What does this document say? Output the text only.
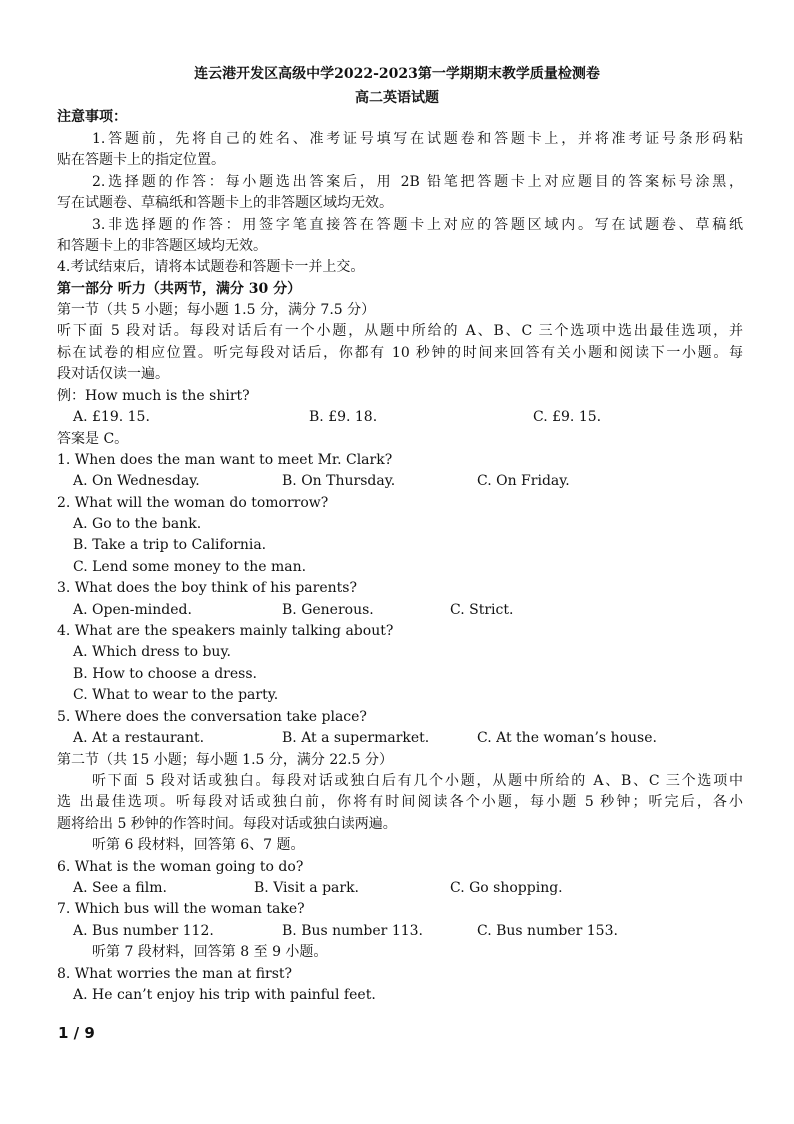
连云港开发区高级中学2022-2023第一学期期末教学质量检测卷
高二英语试题
注意事项：
1.答题前，先将自己的姓名、准考证号填写在试题卷和答题卡上，并将准考证号条形码粘
贴在答题卡上的指定位置。
2.选择题的作答：每小题选出答案后，用 2B 铅笔把答题卡上对应题目的答案标号涂黑，
写在试题卷、草稿纸和答题卡上的非答题区域均无效。
3.非选择题的作答：用签字笔直接答在答题卡上对应的答题区域内。写在试题卷、草稿纸
和答题卡上的非答题区域均无效。
4.考试结束后，请将本试题卷和答题卡一并上交。
第一部分 听力（共两节，满分 30 分）
第一节（共 5 小题；每小题 1.5 分，满分 7.5 分）
听下面 5 段对话。每段对话后有一个小题，从题中所给的 A、B、C 三个选项中选出最佳选项，并
标在试卷的相应位置。听完每段对话后，你都有 10 秒钟的时间来回答有关小题和阅读下一小题。每
段对话仅读一遍。
例：How much is the shirt?
A. £19. 15.	B. £9. 18.	C. £9. 15.
答案是 C。
1. When does the man want to meet Mr. Clark?
A. On Wednesday.	B. On Thursday.	C. On Friday.
2. What will the woman do tomorrow?
A. Go to the bank.
B. Take a trip to California.
C. Lend some money to the man.
3. What does the boy think of his parents?
A. Open-minded.	B. Generous.	C. Strict.
4. What are the speakers mainly talking about?
A. Which dress to buy.
B. How to choose a dress.
C. What to wear to the party.
5. Where does the conversation take place?
A. At a restaurant.	B. At a supermarket.	C. At the woman’s house.
第二节（共 15 小题；每小题 1.5 分，满分 22.5 分）
听下面 5 段对话或独白。每段对话或独白后有几个小题，从题中所给的 A、B、C 三个选项中
选 出最佳选项。听每段对话或独白前，你将有时间阅读各个小题，每小题 5 秒钟；听完后，各小
题将给出 5 秒钟的作答时间。每段对话或独白读两遍。
听第 6 段材料，回答第 6、7 题。
6. What is the woman going to do?
A. See a film.	B. Visit a park.	C. Go shopping.
7. Which bus will the woman take?
A. Bus number 112.	B. Bus number 113.	C. Bus number 153.
听第 7 段材料，回答第 8 至 9 小题。
8. What worries the man at first?
A. He can’t enjoy his trip with painful feet.
1 / 9
